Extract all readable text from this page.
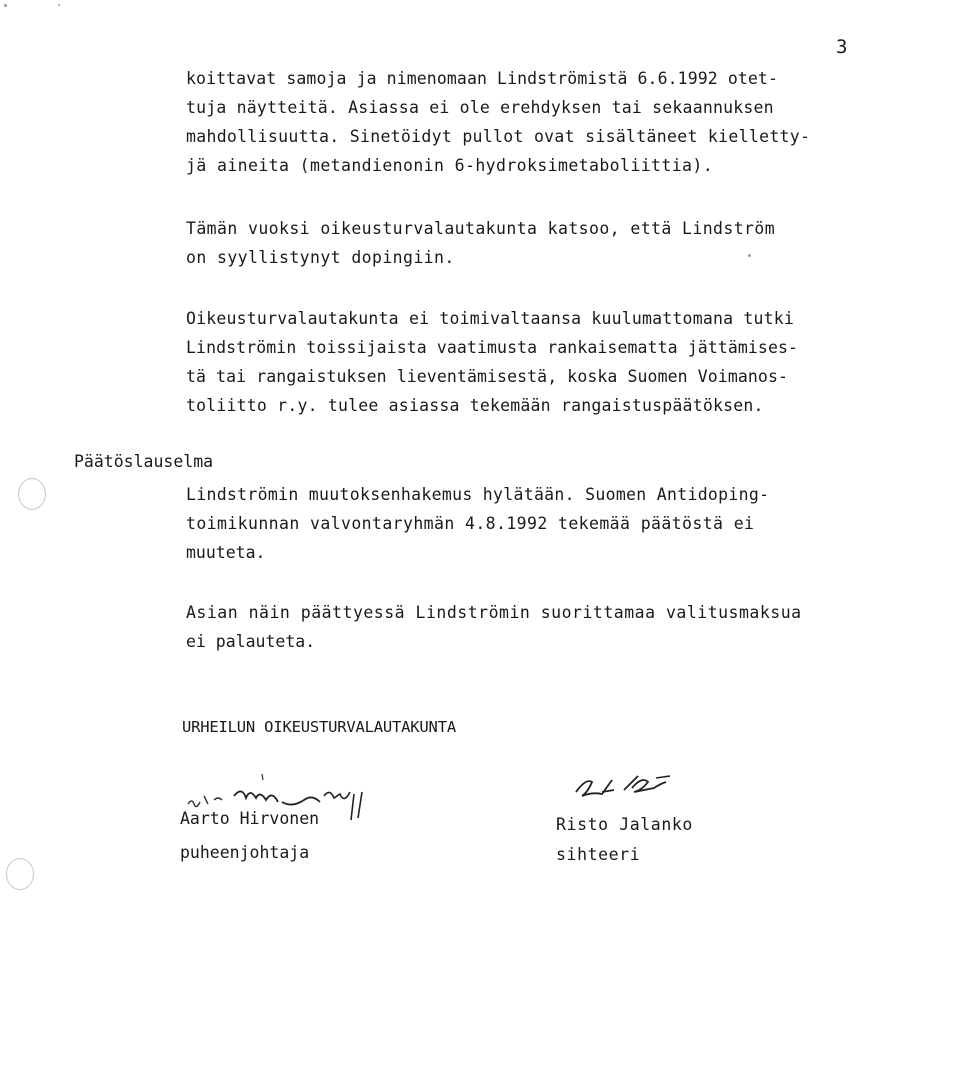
3
koittavat samoja ja nimenomaan Lindströmistä 6.6.1992 otet-
tuja näytteitä. Asiassa ei ole erehdyksen tai sekaannuksen
mahdollisuutta. Sinetöidyt pullot ovat sisältäneet kielletty-
jä aineita (metandienonin 6-hydroksimetaboliittia).
Tämän vuoksi oikeusturvalautakunta katsoo, että Lindström
on syyllistynyt dopingiin.
Oikeusturvalautakunta ei toimivaltaansa kuulumattomana tutki
Lindströmin toissijaista vaatimusta rankaisematta jättämises-
tä tai rangaistuksen lieventämisestä, koska Suomen Voimanos-
toliitto r.y. tulee asiassa tekemään rangaistuspäätöksen.
Päätöslauselma
Lindströmin muutoksenhakemus hylätään. Suomen Antidoping-
toimikunnan valvontaryhmän 4.8.1992 tekemää päätöstä ei
muuteta.
Asian näin päättyessä Lindströmin suorittamaa valitusmaksua
ei palauteta.
URHEILUN OIKEUSTURVALAUTAKUNTA
Aarto Hirvonen
puheenjohtaja
Risto Jalanko
sihteeri
